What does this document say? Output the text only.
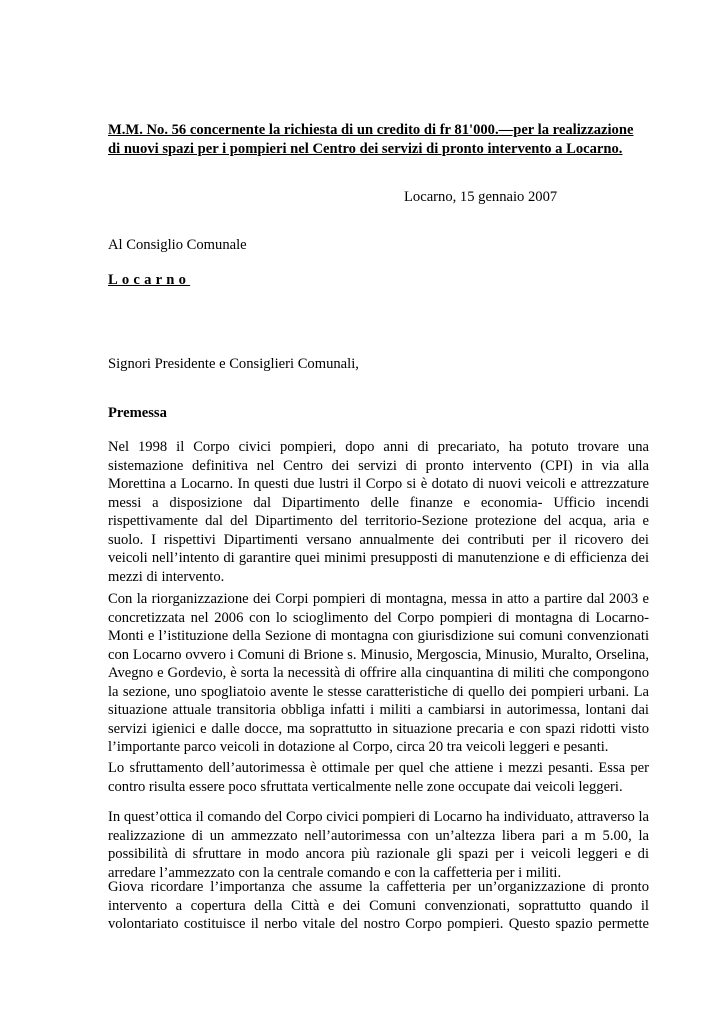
M.M. No. 56 concernente la richiesta di un credito di fr 81'000.—per la realizzazione
di nuovi spazi per i pompieri nel Centro dei servizi di pronto intervento a Locarno.
Locarno, 15 gennaio 2007
Al Consiglio Comunale
Locarno
Signori Presidente e Consiglieri Comunali,
Premessa
Nel 1998 il Corpo civici pompieri, dopo anni di precariato, ha potuto trovare una
sistemazione definitiva nel Centro dei servizi di pronto intervento (CPI) in via alla
Morettina a Locarno. In questi due lustri il Corpo si è dotato di nuovi veicoli e attrezzature
messi a disposizione dal Dipartimento delle finanze e economia- Ufficio incendi
rispettivamente dal del Dipartimento del territorio-Sezione protezione del acqua, aria e
suolo. I rispettivi Dipartimenti versano annualmente dei contributi per il ricovero dei
veicoli nell’intento di garantire quei minimi presupposti di manutenzione e di efficienza dei
mezzi di intervento.
Con la riorganizzazione dei Corpi pompieri di montagna, messa in atto a partire dal 2003 e
concretizzata nel 2006 con lo scioglimento del Corpo pompieri di montagna di Locarno-
Monti e l’istituzione della Sezione di montagna con giurisdizione sui comuni convenzionati
con Locarno ovvero i Comuni di Brione s. Minusio, Mergoscia, Minusio, Muralto, Orselina,
Avegno e Gordevio, è sorta la necessità di offrire alla cinquantina di militi che compongono
la sezione, uno spogliatoio avente le stesse caratteristiche di quello dei pompieri urbani. La
situazione attuale transitoria obbliga infatti i militi a cambiarsi in autorimessa, lontani dai
servizi igienici e dalle docce, ma soprattutto in situazione precaria e con spazi ridotti visto
l’importante parco veicoli in dotazione al Corpo, circa 20 tra veicoli leggeri e pesanti.
Lo sfruttamento dell’autorimessa è ottimale per quel che attiene i mezzi pesanti. Essa per
contro risulta essere poco sfruttata verticalmente nelle zone occupate dai veicoli leggeri.
In quest’ottica il comando del Corpo civici pompieri di Locarno ha individuato, attraverso la
realizzazione di un ammezzato nell’autorimessa con un’altezza libera pari a m 5.00, la
possibilità di sfruttare in modo ancora più razionale gli spazi per i veicoli leggeri e di
arredare l’ammezzato con la centrale comando e con la caffetteria per i militi.
Giova ricordare l’importanza che assume la caffetteria per un’organizzazione di pronto
intervento a copertura della Città e dei Comuni convenzionati, soprattutto quando il
volontariato costituisce il nerbo vitale del nostro Corpo pompieri. Questo spazio permette
